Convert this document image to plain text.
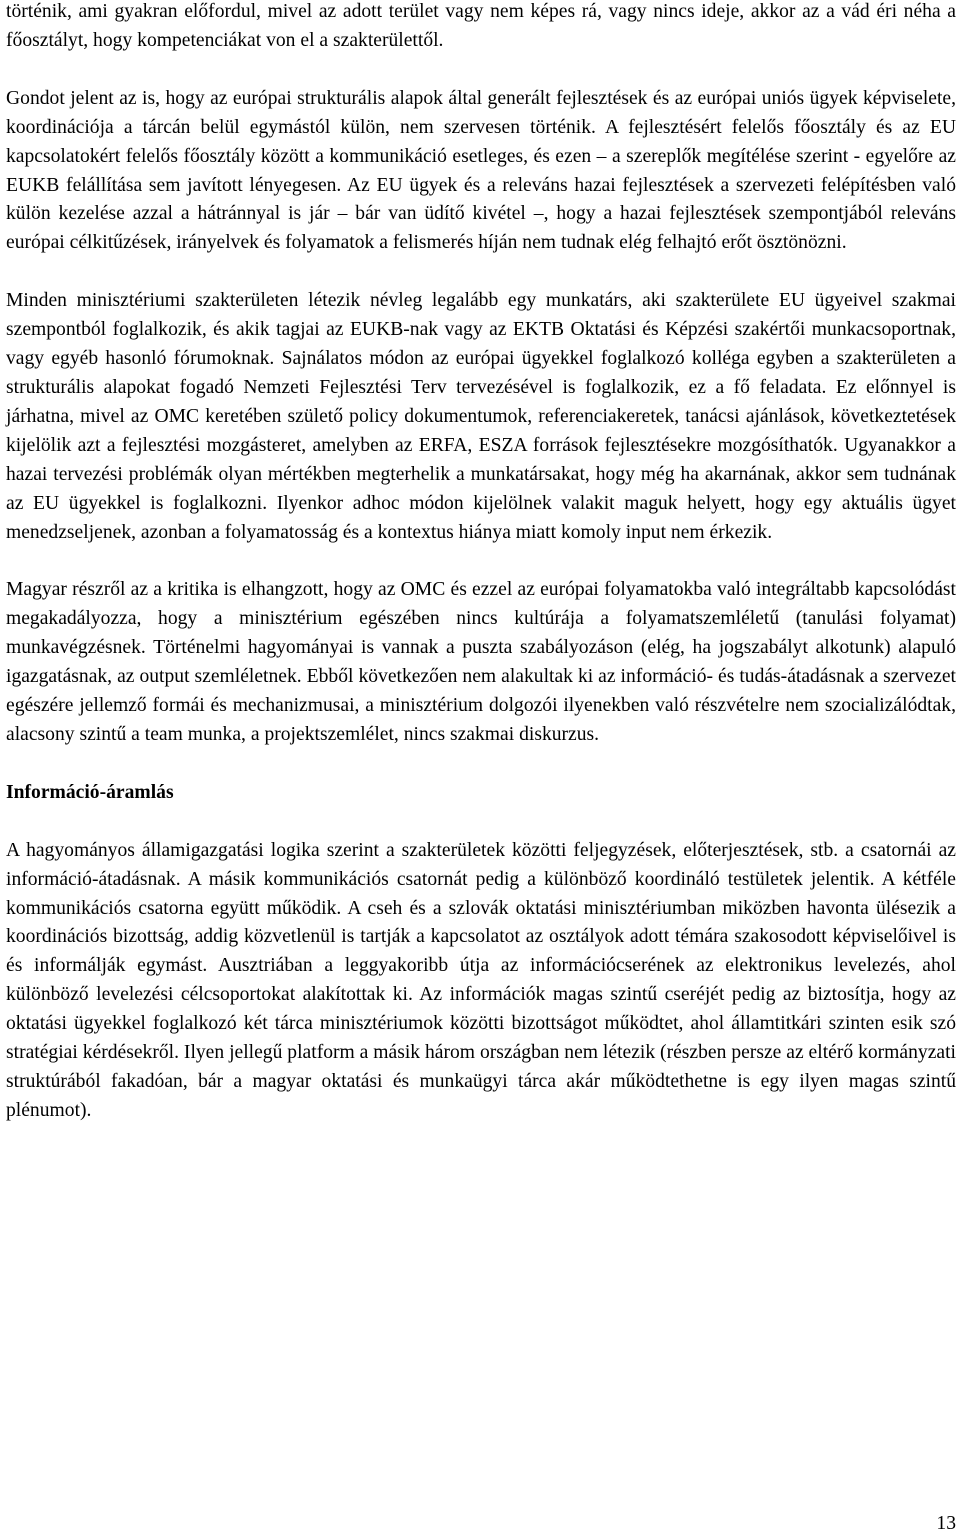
történik, ami gyakran előfordul, mivel az adott terület vagy nem képes rá, vagy nincs ideje, akkor az a vád éri néha a főosztályt, hogy kompetenciákat von el a szakterülettől.

Gondot jelent az is, hogy az európai strukturális alapok által generált fejlesztések és az európai uniós ügyek képviselete, koordinációja a tárcán belül egymástól külön, nem szervesen történik. A fejlesztésért felelős főosztály és az EU kapcsolatokért felelős főosztály között a kommunikáció esetleges, és ezen – a szereplők megítélése szerint - egyelőre az EUKB felállítása sem javított lényegesen. Az EU ügyek és a releváns hazai fejlesztések a szervezeti felépítésben való külön kezelése azzal a hátránnyal is jár – bár van üdítő kivétel –, hogy a hazai fejlesztések szempontjából releváns európai célkitűzések, irányelvek és folyamatok a felismerés híján nem tudnak elég felhajtó erőt ösztönözni.

Minden minisztériumi szakterületen létezik névleg legalább egy munkatárs, aki szakterülete EU ügyeivel szakmai szempontból foglalkozik, és akik tagjai az EUKB-nak vagy az EKTB Oktatási és Képzési szakértői munkacsoportnak, vagy egyéb hasonló fórumoknak. Sajnálatos módon az európai ügyekkel foglalkozó kolléga egyben a szakterületen a strukturális alapokat fogadó Nemzeti Fejlesztési Terv tervezésével is foglalkozik, ez a fő feladata. Ez előnnyel is járhatna, mivel az OMC keretében születő policy dokumentumok, referenciakeretek, tanácsi ajánlások, következtetések kijelölik azt a fejlesztési mozgásteret, amelyben az ERFA, ESZA források fejlesztésekre mozgósíthatók. Ugyanakkor a hazai tervezési problémák olyan mértékben megterhelik a munkatársakat, hogy még ha akarnának, akkor sem tudnának az EU ügyekkel is foglalkozni. Ilyenkor adhoc módon kijelölnek valakit maguk helyett, hogy egy aktuális ügyet menedzseljenek, azonban a folyamatosság és a kontextus hiánya miatt komoly input nem érkezik.

Magyar részről az a kritika is elhangzott, hogy az OMC és ezzel az európai folyamatokba való integráltabb kapcsolódást megakadályozza, hogy a minisztérium egészében nincs kultúrája a folyamatszemléletű (tanulási folyamat) munkavégzésnek. Történelmi hagyományai is vannak a puszta szabályozáson (elég, ha jogszabályt alkotunk) alapuló igazgatásnak, az output szemléletnek. Ebből következően nem alakultak ki az információ- és tudás-átadásnak a szervezet egészére jellemző formái és mechanizmusai, a minisztérium dolgozói ilyenekben való részvételre nem szocializálódtak, alacsony szintű a team munka, a projektszemlélet, nincs szakmai diskurzus.

Információ-áramlás

A hagyományos államigazgatási logika szerint a szakterületek közötti feljegyzések, előterjesztések, stb. a csatornái az információ-átadásnak. A másik kommunikációs csatornát pedig a különböző koordináló testületek jelentik. A kétféle kommunikációs csatorna együtt működik. A cseh és a szlovák oktatási minisztériumban miközben havonta ülésezik a koordinációs bizottság, addig közvetlenül is tartják a kapcsolatot az osztályok adott témára szakosodott képviselőivel is és informálják egymást. Ausztriában a leggyakoribb útja az információcserének az elektronikus levelezés, ahol különböző levelezési célcsoportokat alakítottak ki. Az információk magas szintű cseréjét pedig az biztosítja, hogy az oktatási ügyekkel foglalkozó két tárca minisztériumok közötti bizottságot működtet, ahol államtitkári szinten esik szó stratégiai kérdésekről. Ilyen jellegű platform a másik három országban nem létezik (részben persze az eltérő kormányzati struktúrából fakadóan, bár a magyar oktatási és munkaügyi tárca akár működtethetne is egy ilyen magas szintű plénumot).

13
